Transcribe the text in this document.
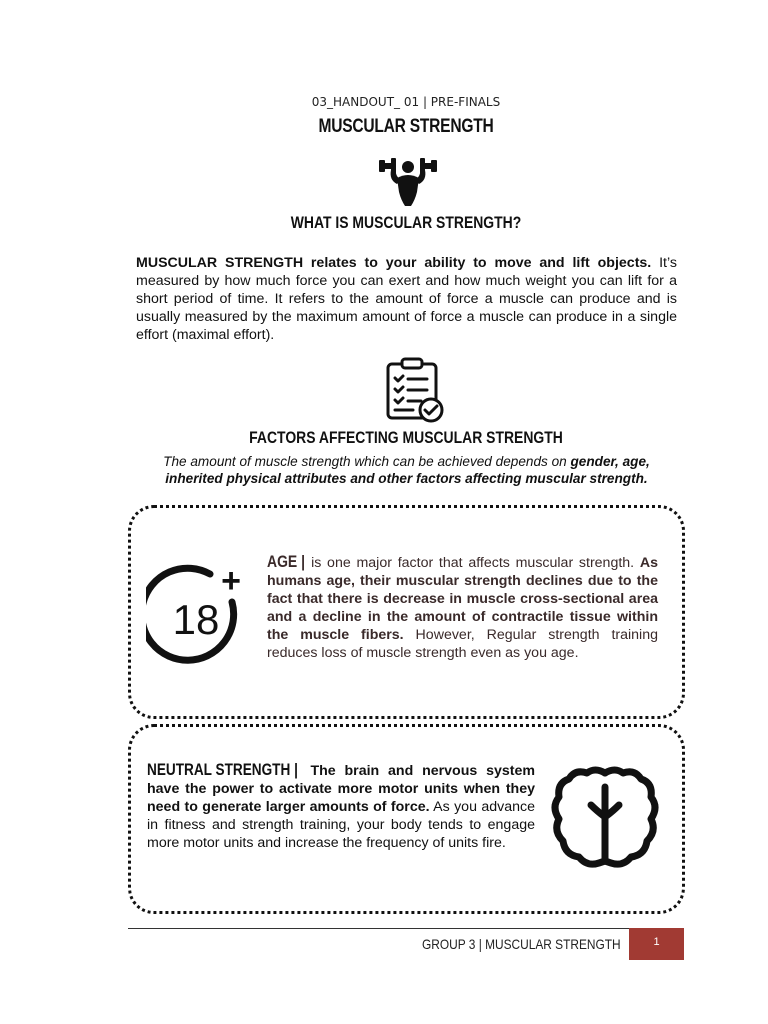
03_HANDOUT_ 01 | PRE-FINALS
MUSCULAR STRENGTH
WHAT IS MUSCULAR STRENGTH?
MUSCULAR STRENGTH relates to your ability to move and lift objects. It’s measured by how much force you can exert and how much weight you can lift for a short period of time. It refers to the amount of force a muscle can produce and is usually measured by the maximum amount of force a muscle can produce in a single effort (maximal effort).
FACTORS AFFECTING MUSCULAR STRENGTH
The amount of muscle strength which can be achieved depends on gender, age, inherited physical attributes and other factors affecting muscular strength.
18
+
AGE | is one major factor that affects muscular strength. As humans age, their muscular strength declines due to the fact that there is decrease in muscle cross-sectional area and a decline in the amount of contractile tissue within the muscle fibers. However, Regular strength training reduces loss of muscle strength even as you age.
NEUTRAL STRENGTH | The brain and nervous system have the power to activate more motor units when they need to generate larger amounts of force. As you advance in fitness and strength training, your body tends to engage more motor units and increase the frequency of units fire.
GROUP 3 | MUSCULAR STRENGTH	1
